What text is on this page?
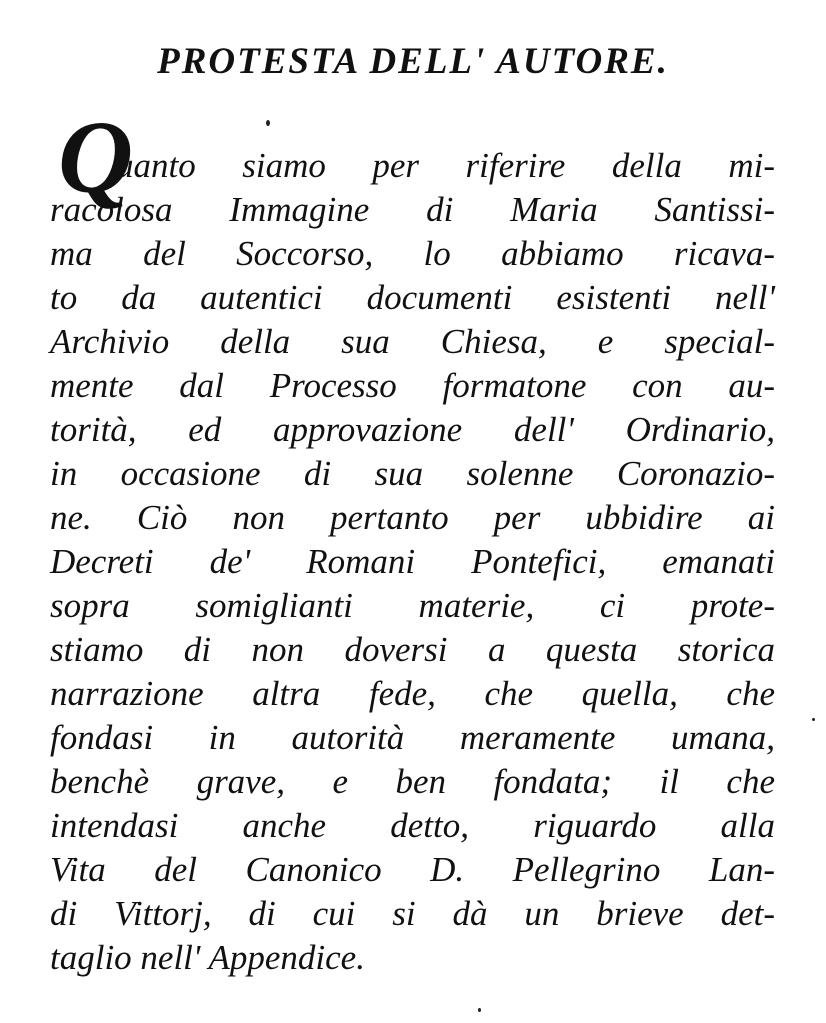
PROTESTA DELL' AUTORE.
Q
uanto siamo per riferire della mi-
racolosa Immagine di Maria Santissi-
ma del Soccorso, lo abbiamo ricava-
to da autentici documenti esistenti nell'
Archivio della sua Chiesa, e special-
mente dal Processo formatone con au-
torità, ed approvazione dell' Ordinario,
in occasione di sua solenne Coronazio-
ne. Ciò non pertanto per ubbidire ai
Decreti de' Romani Pontefici, emanati
sopra somiglianti materie, ci prote-
stiamo di non doversi a questa storica
narrazione altra fede, che quella, che
fondasi in autorità meramente umana,
benchè grave, e ben fondata; il che
intendasi anche detto, riguardo alla
Vita del Canonico D. Pellegrino Lan-
di Vittorj, di cui si dà un brieve det-
taglio nell' Appendice.
